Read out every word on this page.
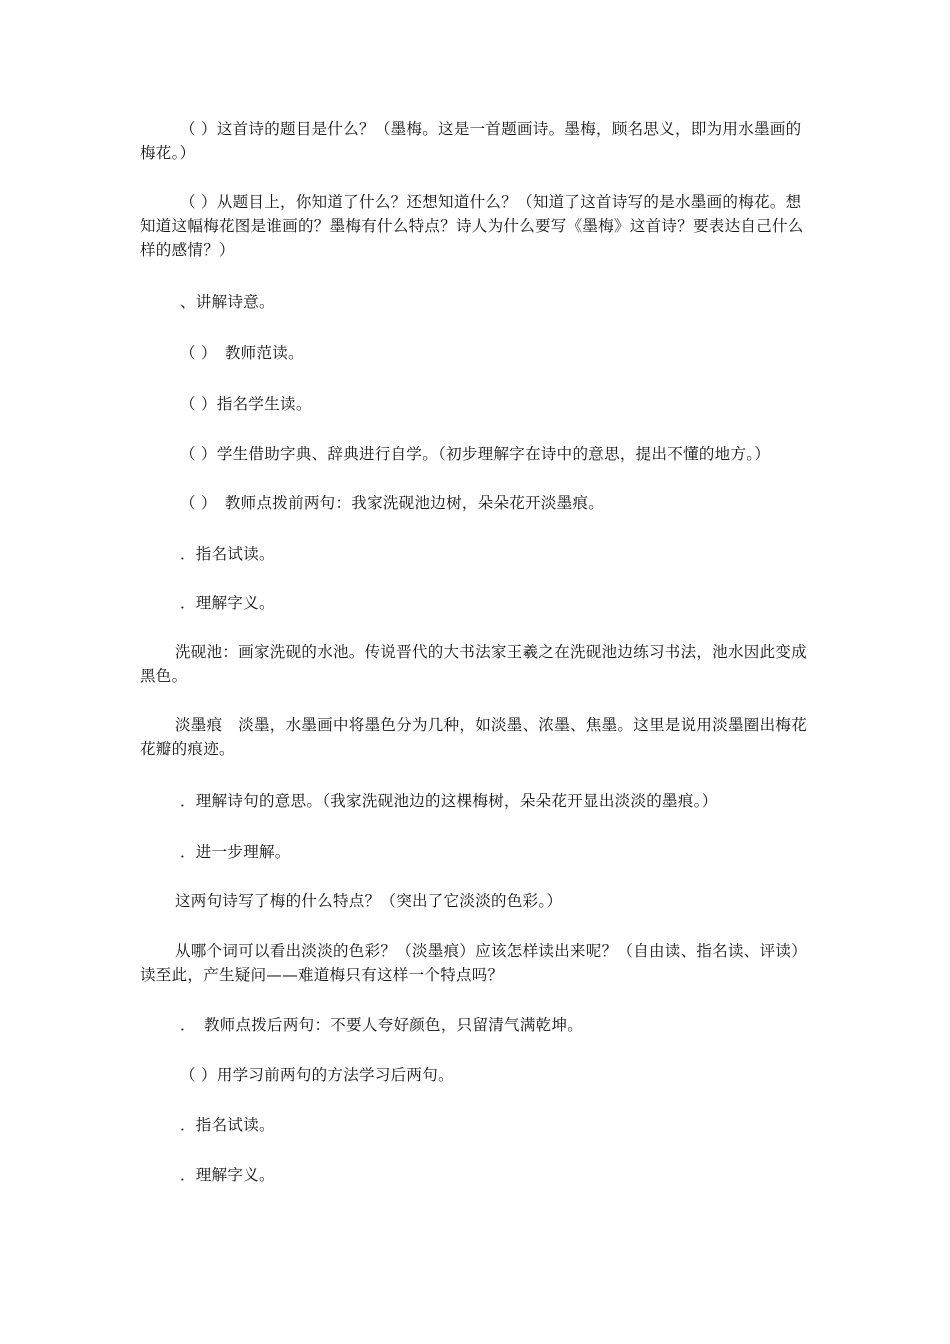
（ ）这首诗的题目是什么？（墨梅。这是一首题画诗。墨梅，顾名思义，即为用水墨画的梅花。）

（ ）从题目上，你知道了什么？还想知道什么？（知道了这首诗写的是水墨画的梅花。想知道这幅梅花图是谁画的？墨梅有什么特点？诗人为什么要写《墨梅》这首诗？要表达自己什么样的感情？）

、讲解诗意。

（ ）　教师范读。

（ ）指名学生读。

（ ）学生借助字典、辞典进行自学。（初步理解字在诗中的意思，提出不懂的地方。）

（ ）　教师点拨前两句：我家洗砚池边树，朵朵花开淡墨痕。

．指名试读。

．理解字义。

洗砚池：画家洗砚的水池。传说晋代的大书法家王羲之在洗砚池边练习书法，池水因此变成黑色。

淡墨痕　淡墨，水墨画中将墨色分为几种，如淡墨、浓墨、焦墨。这里是说用淡墨圈出梅花花瓣的痕迹。

．理解诗句的意思。（我家洗砚池边的这棵梅树，朵朵花开显出淡淡的墨痕。）

．进一步理解。

这两句诗写了梅的什么特点？（突出了它淡淡的色彩。）

从哪个词可以看出淡淡的色彩？（淡墨痕）应该怎样读出来呢？（自由读、指名读、评读）读至此，产生疑问——难道梅只有这样一个特点吗？

．　教师点拨后两句：不要人夸好颜色，只留清气满乾坤。

（ ）用学习前两句的方法学习后两句。

．指名试读。

．理解字义。
